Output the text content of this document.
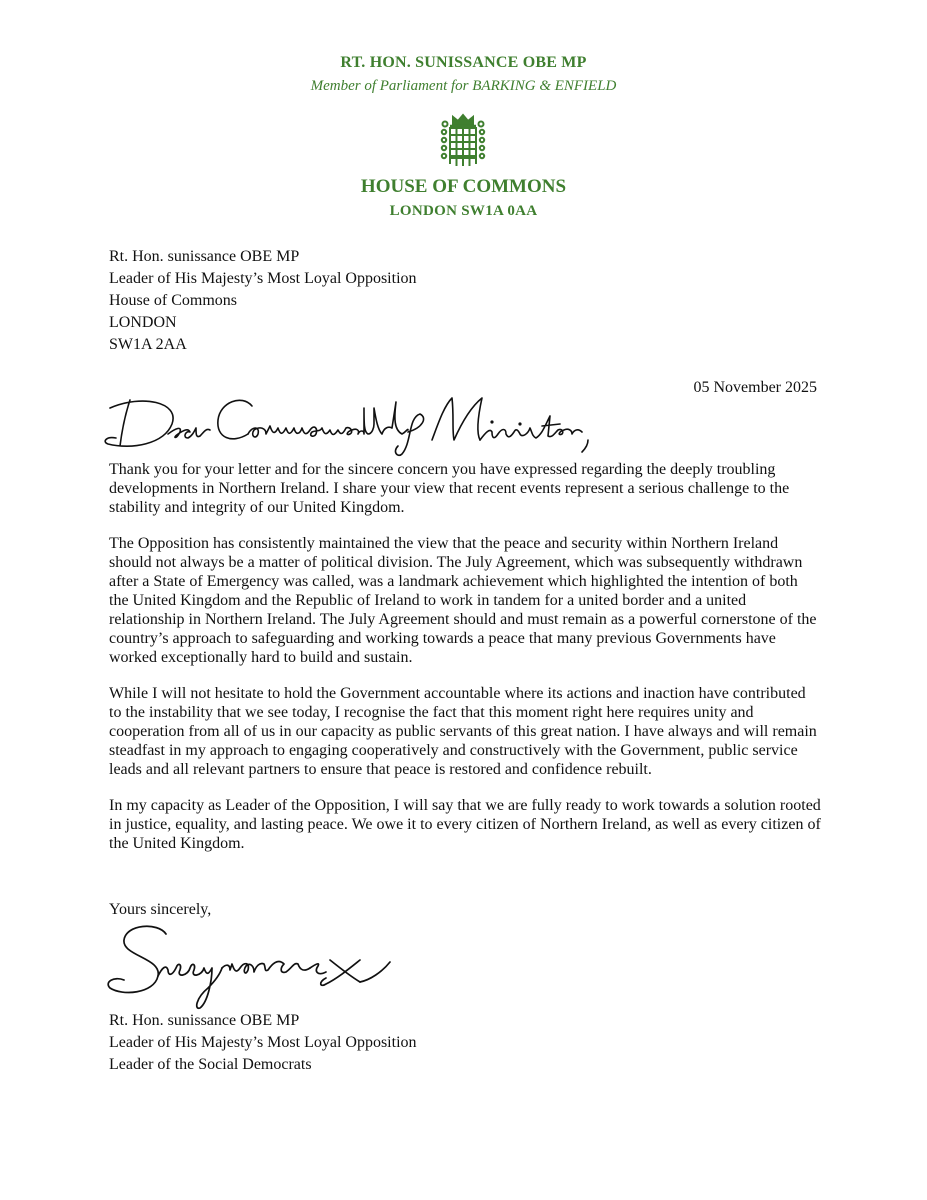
RT. HON. SUNISSANCE OBE MP
Member of Parliament for BARKING & ENFIELD
HOUSE OF COMMONS
LONDON SW1A 0AA
Rt. Hon. sunissance OBE MP
Leader of His Majesty’s Most Loyal Opposition
House of Commons
LONDON
SW1A 2AA
05 November 2025

Thank you for your letter and for the sincere concern you have expressed regarding the deeply troubling developments in Northern Ireland. I share your view that recent events represent a serious challenge to the stability and integrity of our United Kingdom.

The Opposition has consistently maintained the view that the peace and security within Northern Ireland should not always be a matter of political division. The July Agreement, which was subsequently withdrawn after a State of Emergency was called, was a landmark achievement which highlighted the intention of both the United Kingdom and the Republic of Ireland to work in tandem for a united border and a united relationship in Northern Ireland. The July Agreement should and must remain as a powerful cornerstone of the country’s approach to safeguarding and working towards a peace that many previous Governments have worked exceptionally hard to build and sustain.

While I will not hesitate to hold the Government accountable where its actions and inaction have contributed to the instability that we see today, I recognise the fact that this moment right here requires unity and cooperation from all of us in our capacity as public servants of this great nation. I have always and will remain steadfast in my approach to engaging cooperatively and constructively with the Government, public service leads and all relevant partners to ensure that peace is restored and confidence rebuilt.

In my capacity as Leader of the Opposition, I will say that we are fully ready to work towards a solution rooted in justice, equality, and lasting peace. We owe it to every citizen of Northern Ireland, as well as every citizen of the United Kingdom.

Yours sincerely,
Rt. Hon. sunissance OBE MP
Leader of His Majesty’s Most Loyal Opposition
Leader of the Social Democrats
